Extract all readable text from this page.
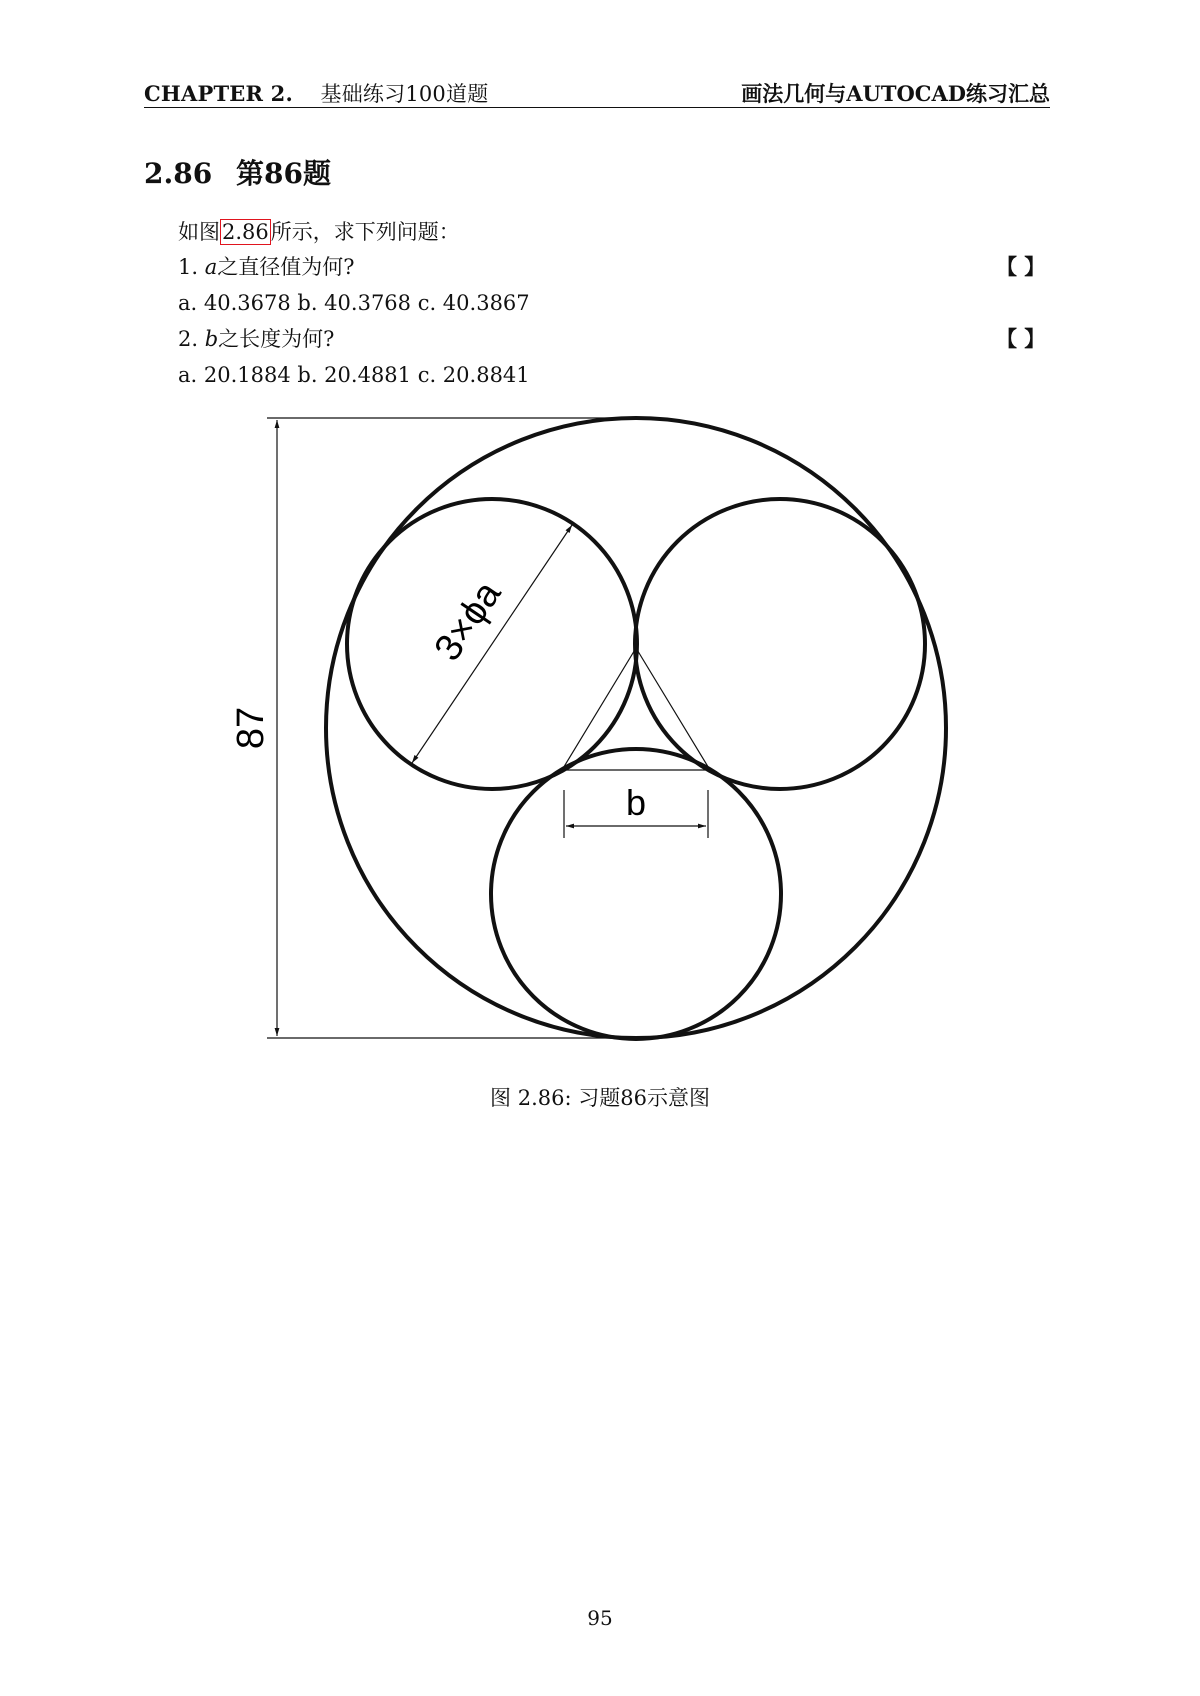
CHAPTER 2. 基础练习100道题	画法几何与AUTOCAD练习汇总
2.86 第86题
如图2.86所示，求下列问题：
1. a之直径值为何?	【 】
a. 40.3678 b. 40.3768 c. 40.3867
2. b之长度为何?	【 】
a. 20.1884 b. 20.4881 c. 20.8841
87
3×ϕa
b
图 2.86: 习题86示意图
95
